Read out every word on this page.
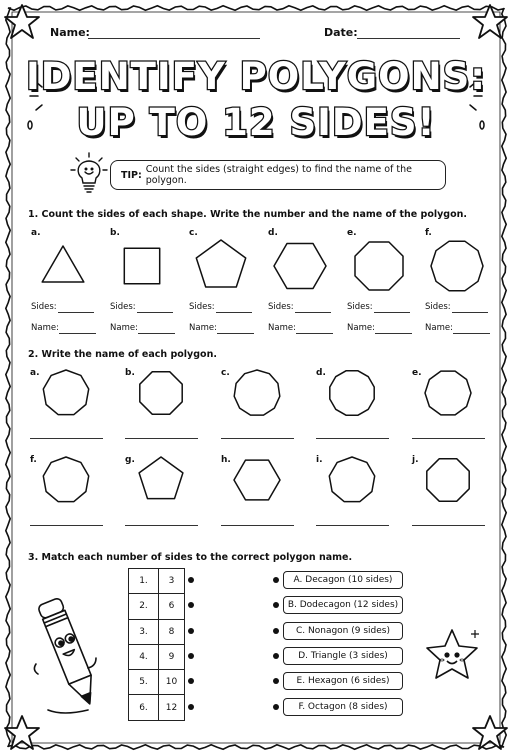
Name:	Date:
IDENTIFY POLYGONS:
UP TO 12 SIDES!
TIP: Count the sides (straight edges) to find the name of the polygon.
1. Count the sides of each shape. Write the number and the name of the polygon.
a.
Sides:
Name:
b.
Sides:
Name:
c.
Sides:
Name:
d.
Sides:
Name:
e.
Sides:
Name:
f.
Sides:
Name:
2. Write the name of each polygon.
a.	b.	c.	d.	e.
f.	g.	h.	i.	j.
3. Match each number of sides to the correct polygon name.
1.	3
2.	6
3.	8
4.	9
5.	10
6.	12
A. Decagon (10 sides)
B. Dodecagon (12 sides)
C. Nonagon (9 sides)
D. Triangle (3 sides)
E. Hexagon (6 sides)
F. Octagon (8 sides)
